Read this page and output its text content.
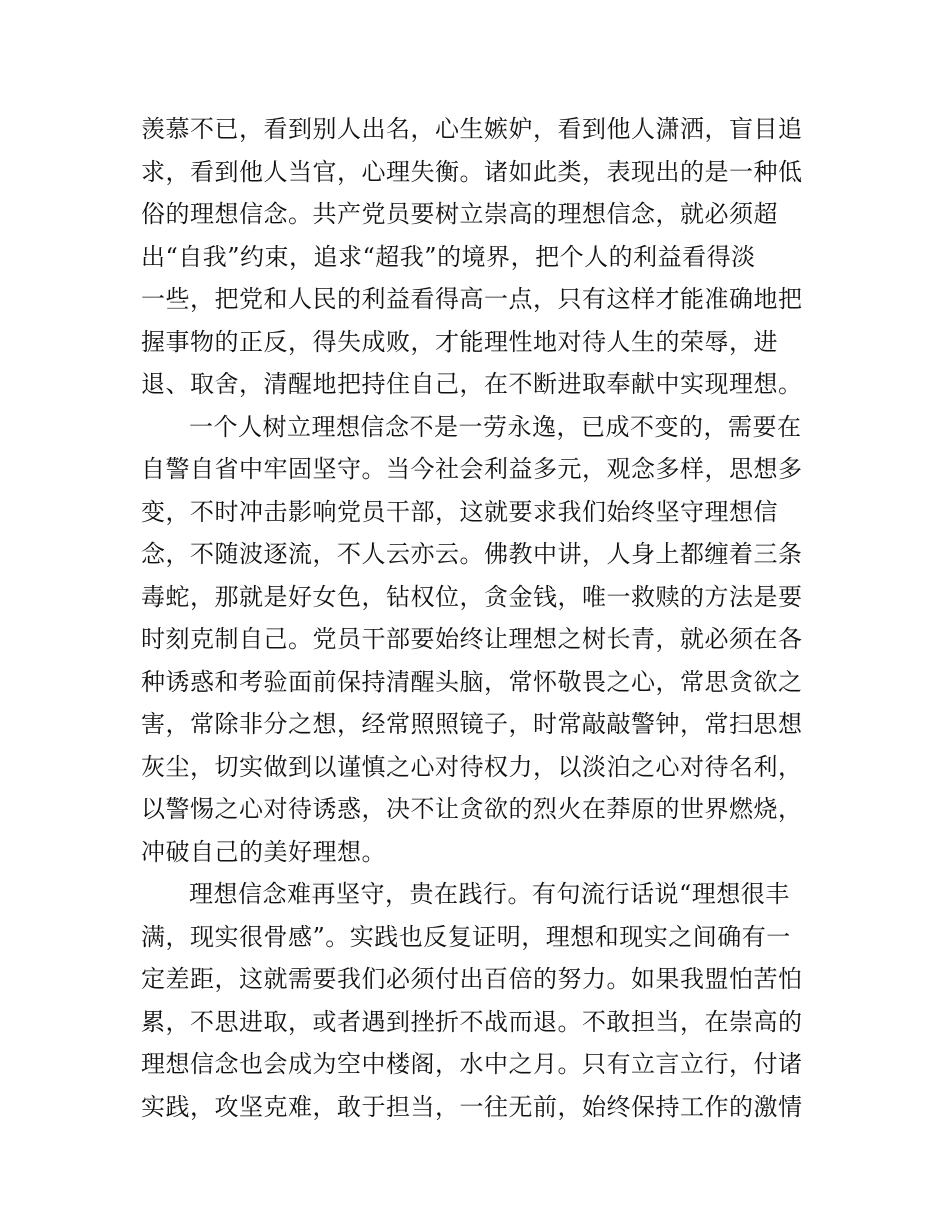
羡慕不已，看到别人出名，心生嫉妒，看到他人潇洒，盲目追
求，看到他人当官，心理失衡。诸如此类，表现出的是一种低
俗的理想信念。共产党员要树立崇高的理想信念，就必须超
出“自我”约束，追求“超我”的境界，把个人的利益看得淡
一些，把党和人民的利益看得高一点，只有这样才能准确地把
握事物的正反，得失成败，才能理性地对待人生的荣辱，进
退、取舍，清醒地把持住自己，在不断进取奉献中实现理想。
一个人树立理想信念不是一劳永逸，已成不变的，需要在
自警自省中牢固坚守。当今社会利益多元，观念多样，思想多
变，不时冲击影响党员干部，这就要求我们始终坚守理想信
念，不随波逐流，不人云亦云。佛教中讲，人身上都缠着三条
毒蛇，那就是好女色，钻权位，贪金钱，唯一救赎的方法是要
时刻克制自己。党员干部要始终让理想之树长青，就必须在各
种诱惑和考验面前保持清醒头脑，常怀敬畏之心，常思贪欲之
害，常除非分之想，经常照照镜子，时常敲敲警钟，常扫思想
灰尘，切实做到以谨慎之心对待权力，以淡泊之心对待名利，
以警惕之心对待诱惑，决不让贪欲的烈火在莽原的世界燃烧，
冲破自己的美好理想。
理想信念难再坚守，贵在践行。有句流行话说“理想很丰
满，现实很骨感”。实践也反复证明，理想和现实之间确有一
定差距，这就需要我们必须付出百倍的努力。如果我盟怕苦怕
累，不思进取，或者遇到挫折不战而退。不敢担当，在崇高的
理想信念也会成为空中楼阁，水中之月。只有立言立行，付诸
实践，攻坚克难，敢于担当，一往无前，始终保持工作的激情
